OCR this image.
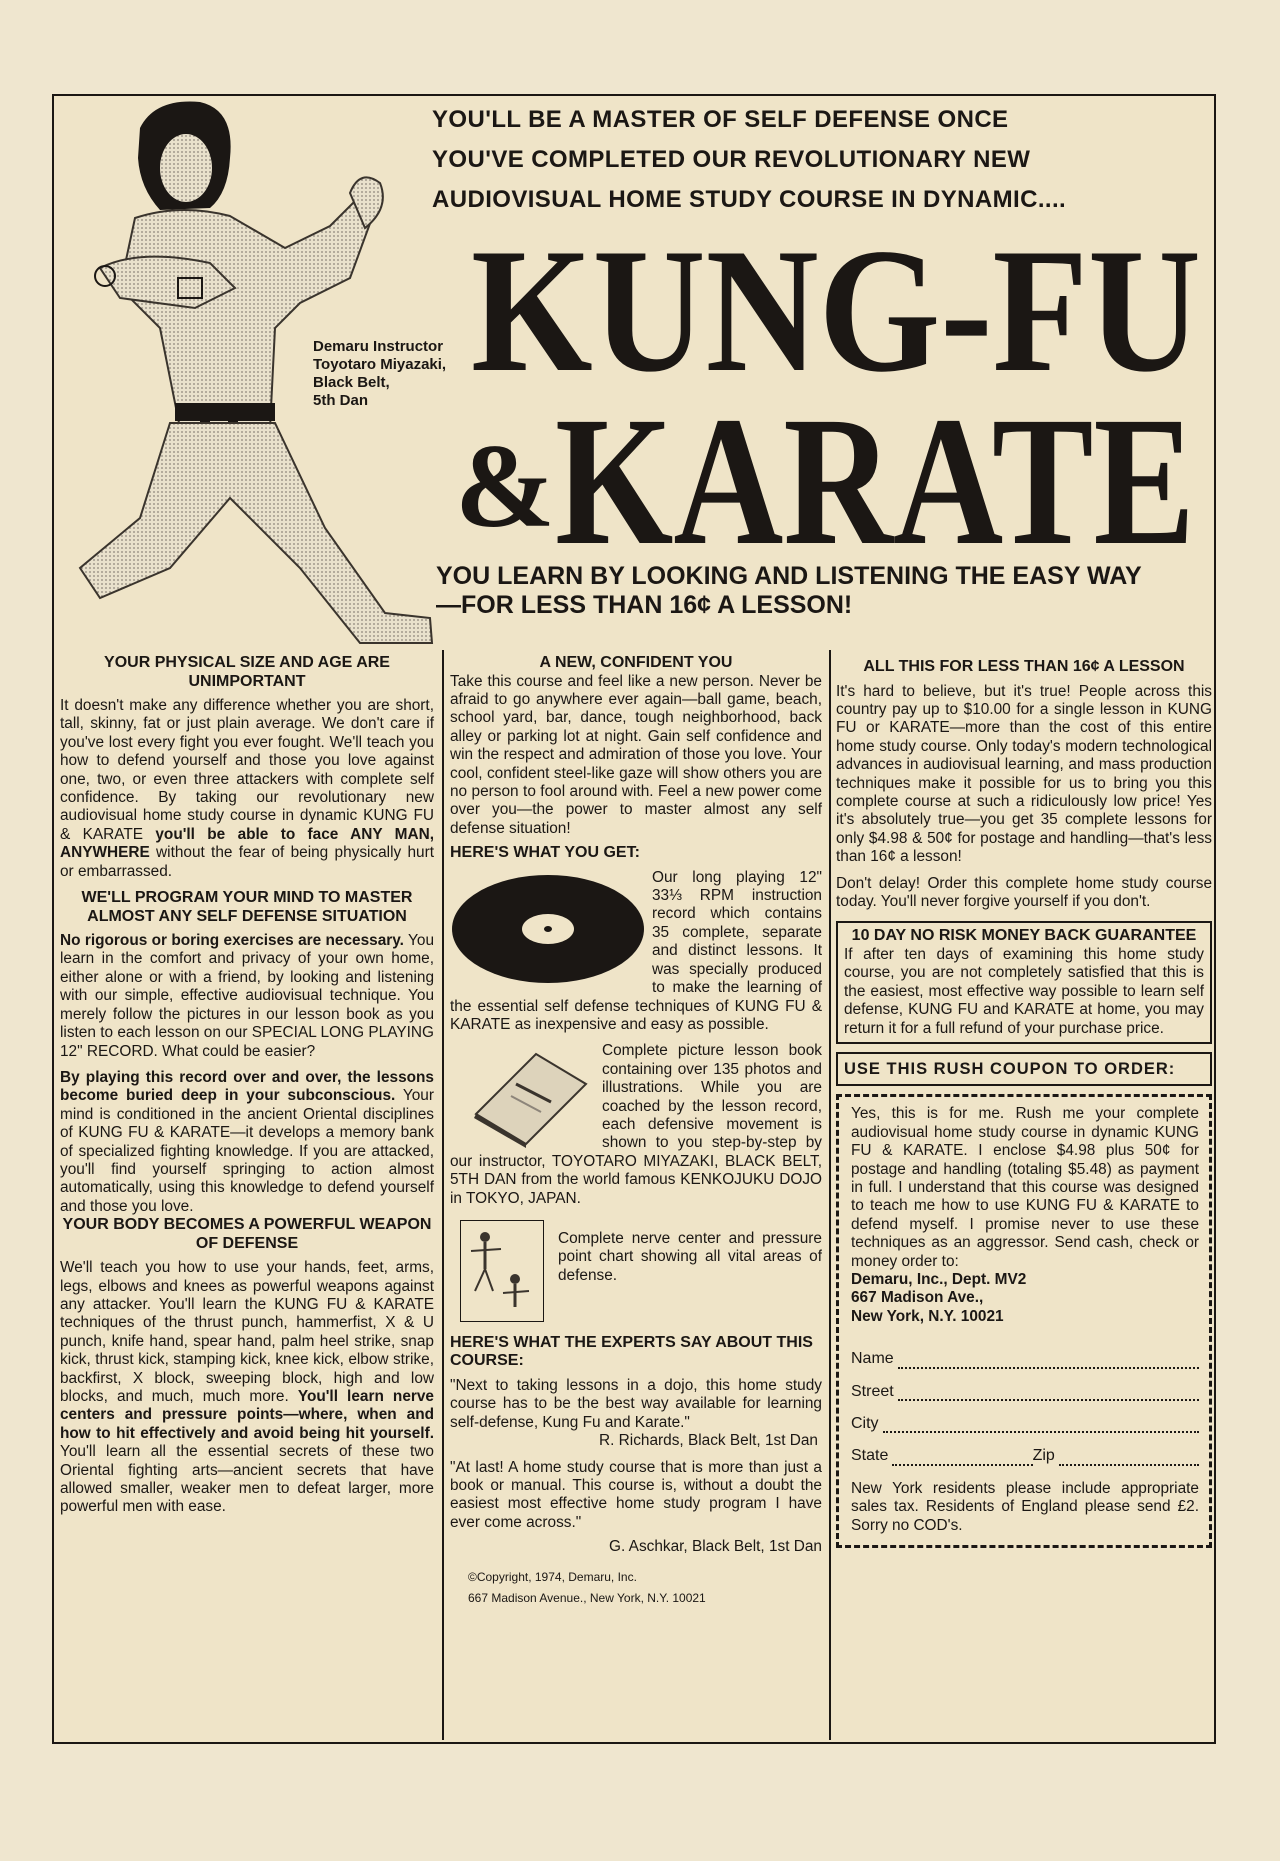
Demaru Instructor
Toyotaro Miyazaki,
Black Belt,
5th Dan
YOU'LL BE A MASTER OF SELF DEFENSE ONCE
YOU'VE COMPLETED OUR REVOLUTIONARY NEW
AUDIOVISUAL HOME STUDY COURSE IN DYNAMIC....
KUNG-FU
& KARATE
YOU LEARN BY LOOKING AND LISTENING THE EASY WAY
—FOR LESS THAN 16¢ A LESSON!
YOUR PHYSICAL SIZE AND AGE ARE UNIMPORTANT

It doesn't make any difference whether you are short, tall, skinny, fat or just plain average. We don't care if you've lost every fight you ever fought. We'll teach you how to defend yourself and those you love against one, two, or even three attackers with complete self confidence. By taking our revolutionary new audiovisual home study course in dynamic KUNG FU & KARATE you'll be able to face ANY MAN, ANYWHERE without the fear of being physically hurt or embarrassed.

WE'LL PROGRAM YOUR MIND TO MASTER ALMOST ANY SELF DEFENSE SITUATION

No rigorous or boring exercises are necessary. You learn in the comfort and privacy of your own home, either alone or with a friend, by looking and listening with our simple, effective audiovisual technique. You merely follow the pictures in our lesson book as you listen to each lesson on our SPECIAL LONG PLAYING 12" RECORD. What could be easier?

By playing this record over and over, the lessons become buried deep in your subconscious. Your mind is conditioned in the ancient Oriental disciplines of KUNG FU & KARATE—it develops a memory bank of specialized fighting knowledge. If you are attacked, you'll find yourself springing to action almost automatically, using this knowledge to defend yourself and those you love.

YOUR BODY BECOMES A POWERFUL WEAPON OF DEFENSE

We'll teach you how to use your hands, feet, arms, legs, elbows and knees as powerful weapons against any attacker. You'll learn the KUNG FU & KARATE techniques of the thrust punch, hammerfist, X & U punch, knife hand, spear hand, palm heel strike, snap kick, thrust kick, stamping kick, knee kick, elbow strike, backfirst, X block, sweeping block, high and low blocks, and much, much more. You'll learn nerve centers and pressure points—where, when and how to hit effectively and avoid being hit yourself. You'll learn all the essential secrets of these two Oriental fighting arts—ancient secrets that have allowed smaller, weaker men to defeat larger, more powerful men with ease.

A NEW, CONFIDENT YOU

Take this course and feel like a new person. Never be afraid to go anywhere ever again—ball game, beach, school yard, bar, dance, tough neighborhood, back alley or parking lot at night. Gain self confidence and win the respect and admiration of those you love. Your cool, confident steel-like gaze will show others you are no person to fool around with. Feel a new power come over you—the power to master almost any self defense situation!

HERE'S WHAT YOU GET:

Our long playing 12" 33⅓ RPM instruction record which contains 35 complete, separate and distinct lessons. It was specially produced to make the learning of the essential self defense techniques of KUNG FU & KARATE as inexpensive and easy as possible.

Complete picture lesson book containing over 135 photos and illustrations. While you are coached by the lesson record, each defensive movement is shown to you step-by-step by our instructor, TOYOTARO MIYAZAKI, BLACK BELT, 5TH DAN from the world famous KENKOJUKU DOJO in TOKYO, JAPAN.

Complete nerve center and pressure point chart showing all vital areas of defense.

HERE'S WHAT THE EXPERTS SAY ABOUT THIS COURSE:

"Next to taking lessons in a dojo, this home study course has to be the best way available for learning self-defense, Kung Fu and Karate."

R. Richards, Black Belt, 1st Dan

"At last! A home study course that is more than just a book or manual. This course is, without a doubt the easiest most effective home study program I have ever come across."

G. Aschkar, Black Belt, 1st Dan

©Copyright, 1974, Demaru, Inc.
667 Madison Avenue., New York, N.Y. 10021
ALL THIS FOR LESS THAN 16¢ A LESSON

It's hard to believe, but it's true! People across this country pay up to $10.00 for a single lesson in KUNG FU or KARATE—more than the cost of this entire home study course. Only today's modern technological advances in audiovisual learning, and mass production techniques make it possible for us to bring you this complete course at such a ridiculously low price! Yes it's absolutely true—you get 35 complete lessons for only $4.98 & 50¢ for postage and handling—that's less than 16¢ a lesson!

Don't delay! Order this complete home study course today. You'll never forgive yourself if you don't.

10 DAY NO RISK MONEY BACK GUARANTEE

If after ten days of examining this home study course, you are not completely satisfied that this is the easiest, most effective way possible to learn self defense, KUNG FU and KARATE at home, you may return it for a full refund of your purchase price.

USE THIS RUSH COUPON TO ORDER:

Yes, this is for me. Rush me your complete audiovisual home study course in dynamic KUNG FU & KARATE. I enclose $4.98 plus 50¢ for postage and handling (totaling $5.48) as payment in full. I understand that this course was designed to teach me how to use KUNG FU & KARATE to defend myself. I promise never to use these techniques as an aggressor. Send cash, check or money order to:

Demaru, Inc., Dept. MV2
667 Madison Ave.,
New York, N.Y. 10021
Name
Street
City
State	Zip

New York residents please include appropriate sales tax. Residents of England please send £2. Sorry no COD's.
